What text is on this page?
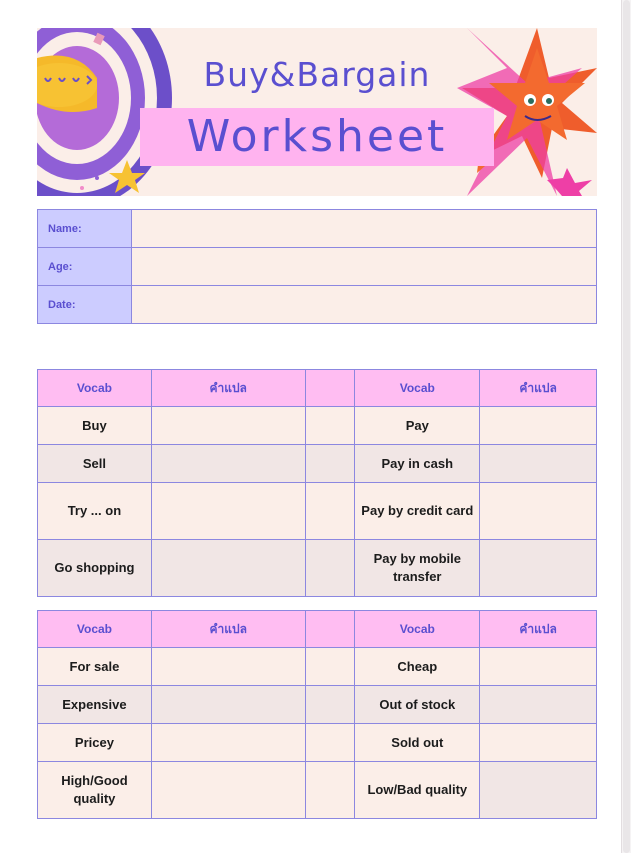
Buy&Bargain
Worksheet
Name:	
Age:	
Date:	
Vocab	คำแปล		Vocab	คำแปล
Buy			Pay	
Sell			Pay in cash	
Try ... on			Pay by credit card	
Go shopping			Pay by mobile transfer	
Vocab	คำแปล		Vocab	คำแปล
For sale			Cheap	
Expensive			Out of stock	
Pricey			Sold out	
High/Good quality			Low/Bad quality	
